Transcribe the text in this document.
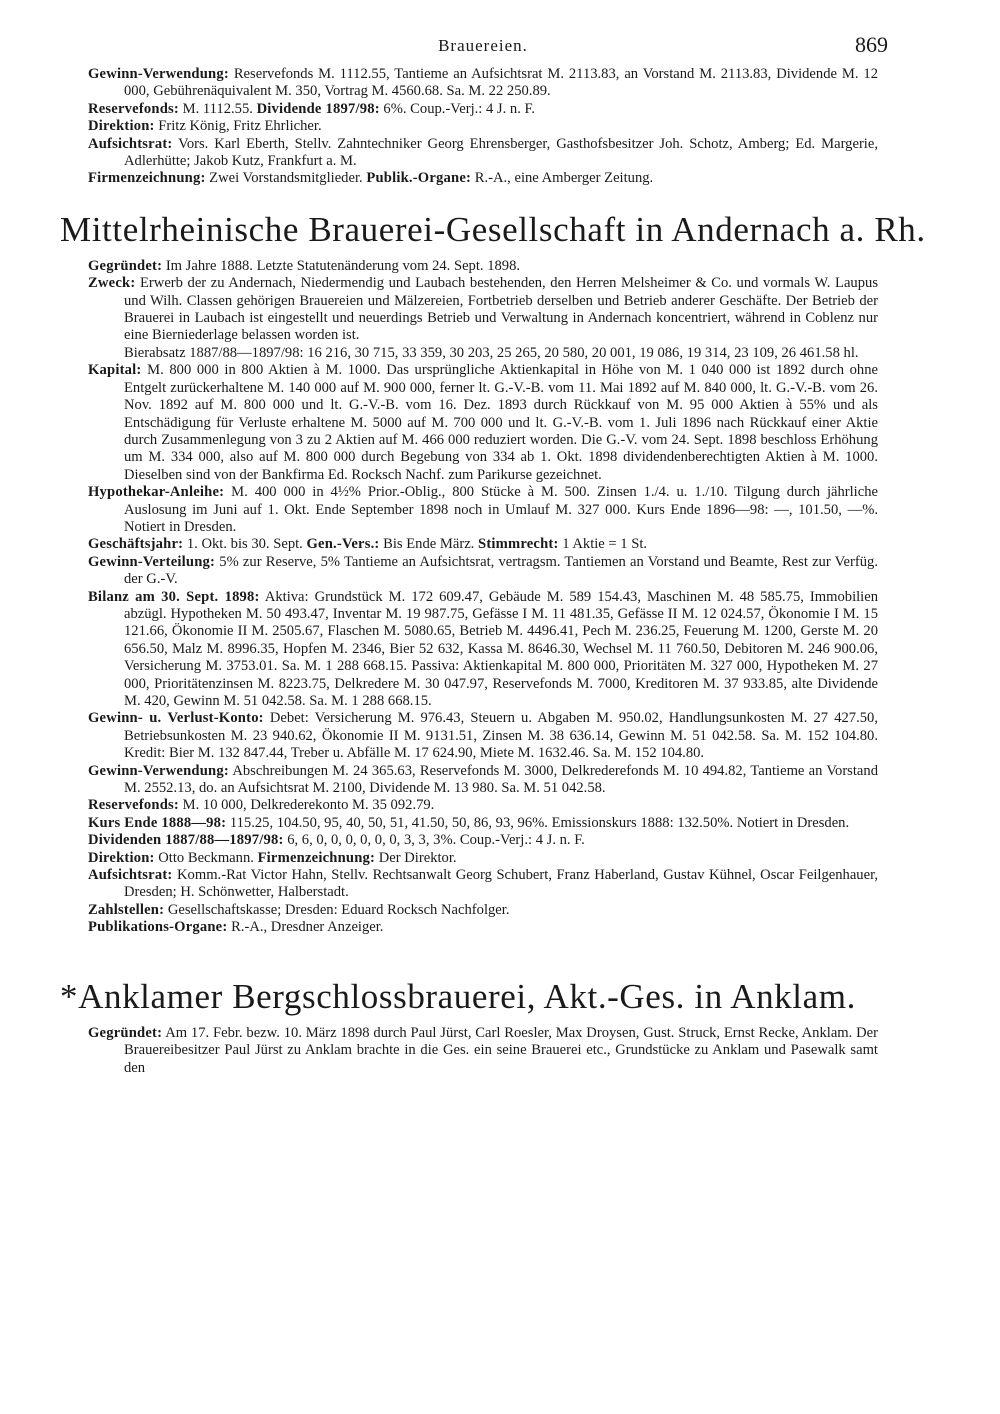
Brauereien.	869

Gewinn-Verwendung: Reservefonds M. 1112.55, Tantieme an Aufsichtsrat M. 2113.83, an Vorstand M. 2113.83, Dividende M. 12 000, Gebührenäquivalent M. 350, Vortrag M. 4560.68. Sa. M. 22 250.89.

Reservefonds: M. 1112.55. Dividende 1897/98: 6%. Coup.-Verj.: 4 J. n. F.

Direktion: Fritz König, Fritz Ehrlicher.

Aufsichtsrat: Vors. Karl Eberth, Stellv. Zahntechniker Georg Ehrensberger, Gasthofsbesitzer Joh. Schotz, Amberg; Ed. Margerie, Adlerhütte; Jakob Kutz, Frankfurt a. M.

Firmenzeichnung: Zwei Vorstandsmitglieder. Publik.-Organe: R.-A., eine Amberger Zeitung.

Mittelrheinische Brauerei-Gesellschaft in Andernach a. Rh.

Gegründet: Im Jahre 1888. Letzte Statutenänderung vom 24. Sept. 1898.

Zweck: Erwerb der zu Andernach, Niedermendig und Laubach bestehenden, den Herren Melsheimer & Co. und vormals W. Laupus und Wilh. Classen gehörigen Brauereien und Mälzereien, Fortbetrieb derselben und Betrieb anderer Geschäfte. Der Betrieb der Brauerei in Laubach ist eingestellt und neuerdings Betrieb und Verwaltung in Andernach koncentriert, während in Coblenz nur eine Bierniederlage belassen worden ist.

Bierabsatz 1887/88—1897/98: 16 216, 30 715, 33 359, 30 203, 25 265, 20 580, 20 001, 19 086, 19 314, 23 109, 26 461.58 hl.

Kapital: M. 800 000 in 800 Aktien à M. 1000. Das ursprüngliche Aktienkapital in Höhe von M. 1 040 000 ist 1892 durch ohne Entgelt zurückerhaltene M. 140 000 auf M. 900 000, ferner lt. G.-V.-B. vom 11. Mai 1892 auf M. 840 000, lt. G.-V.-B. vom 26. Nov. 1892 auf M. 800 000 und lt. G.-V.-B. vom 16. Dez. 1893 durch Rückkauf von M. 95 000 Aktien à 55% und als Entschädigung für Verluste erhaltene M. 5000 auf M. 700 000 und lt. G.-V.-B. vom 1. Juli 1896 nach Rückkauf einer Aktie durch Zusammenlegung von 3 zu 2 Aktien auf M. 466 000 reduziert worden. Die G.-V. vom 24. Sept. 1898 beschloss Erhöhung um M. 334 000, also auf M. 800 000 durch Begebung von 334 ab 1. Okt. 1898 dividendenberechtigten Aktien à M. 1000. Dieselben sind von der Bankfirma Ed. Rocksch Nachf. zum Parikurse gezeichnet.

Hypothekar-Anleihe: M. 400 000 in 4½% Prior.-Oblig., 800 Stücke à M. 500. Zinsen 1./4. u. 1./10. Tilgung durch jährliche Auslosung im Juni auf 1. Okt. Ende September 1898 noch in Umlauf M. 327 000. Kurs Ende 1896—98: —, 101.50, —%. Notiert in Dresden.

Geschäftsjahr: 1. Okt. bis 30. Sept. Gen.-Vers.: Bis Ende März. Stimmrecht: 1 Aktie = 1 St.

Gewinn-Verteilung: 5% zur Reserve, 5% Tantieme an Aufsichtsrat, vertragsm. Tantiemen an Vorstand und Beamte, Rest zur Verfüg. der G.-V.

Bilanz am 30. Sept. 1898: Aktiva: Grundstück M. 172 609.47, Gebäude M. 589 154.43, Maschinen M. 48 585.75, Immobilien abzügl. Hypotheken M. 50 493.47, Inventar M. 19 987.75, Gefässe I M. 11 481.35, Gefässe II M. 12 024.57, Ökonomie I M. 15 121.66, Ökonomie II M. 2505.67, Flaschen M. 5080.65, Betrieb M. 4496.41, Pech M. 236.25, Feuerung M. 1200, Gerste M. 20 656.50, Malz M. 8996.35, Hopfen M. 2346, Bier 52 632, Kassa M. 8646.30, Wechsel M. 11 760.50, Debitoren M. 246 900.06, Versicherung M. 3753.01. Sa. M. 1 288 668.15. Passiva: Aktienkapital M. 800 000, Prioritäten M. 327 000, Hypotheken M. 27 000, Prioritätenzinsen M. 8223.75, Delkredere M. 30 047.97, Reservefonds M. 7000, Kreditoren M. 37 933.85, alte Dividende M. 420, Gewinn M. 51 042.58. Sa. M. 1 288 668.15.

Gewinn- u. Verlust-Konto: Debet: Versicherung M. 976.43, Steuern u. Abgaben M. 950.02, Handlungsunkosten M. 27 427.50, Betriebsunkosten M. 23 940.62, Ökonomie II M. 9131.51, Zinsen M. 38 636.14, Gewinn M. 51 042.58. Sa. M. 152 104.80. Kredit: Bier M. 132 847.44, Treber u. Abfälle M. 17 624.90, Miete M. 1632.46. Sa. M. 152 104.80.

Gewinn-Verwendung: Abschreibungen M. 24 365.63, Reservefonds M. 3000, Delkrederefonds M. 10 494.82, Tantieme an Vorstand M. 2552.13, do. an Aufsichtsrat M. 2100, Dividende M. 13 980. Sa. M. 51 042.58.

Reservefonds: M. 10 000, Delkrederekonto M. 35 092.79.

Kurs Ende 1888—98: 115.25, 104.50, 95, 40, 50, 51, 41.50, 50, 86, 93, 96%. Emissionskurs 1888: 132.50%. Notiert in Dresden.

Dividenden 1887/88—1897/98: 6, 6, 0, 0, 0, 0, 0, 0, 3, 3, 3%. Coup.-Verj.: 4 J. n. F.

Direktion: Otto Beckmann. Firmenzeichnung: Der Direktor.

Aufsichtsrat: Komm.-Rat Victor Hahn, Stellv. Rechtsanwalt Georg Schubert, Franz Haberland, Gustav Kühnel, Oscar Feilgenhauer, Dresden; H. Schönwetter, Halberstadt.

Zahlstellen: Gesellschaftskasse; Dresden: Eduard Rocksch Nachfolger.

Publikations-Organe: R.-A., Dresdner Anzeiger.

*Anklamer Bergschlossbrauerei, Akt.-Ges. in Anklam.

Gegründet: Am 17. Febr. bezw. 10. März 1898 durch Paul Jürst, Carl Roesler, Max Droysen, Gust. Struck, Ernst Recke, Anklam. Der Brauereibesitzer Paul Jürst zu Anklam brachte in die Ges. ein seine Brauerei etc., Grundstücke zu Anklam und Pasewalk samt den
